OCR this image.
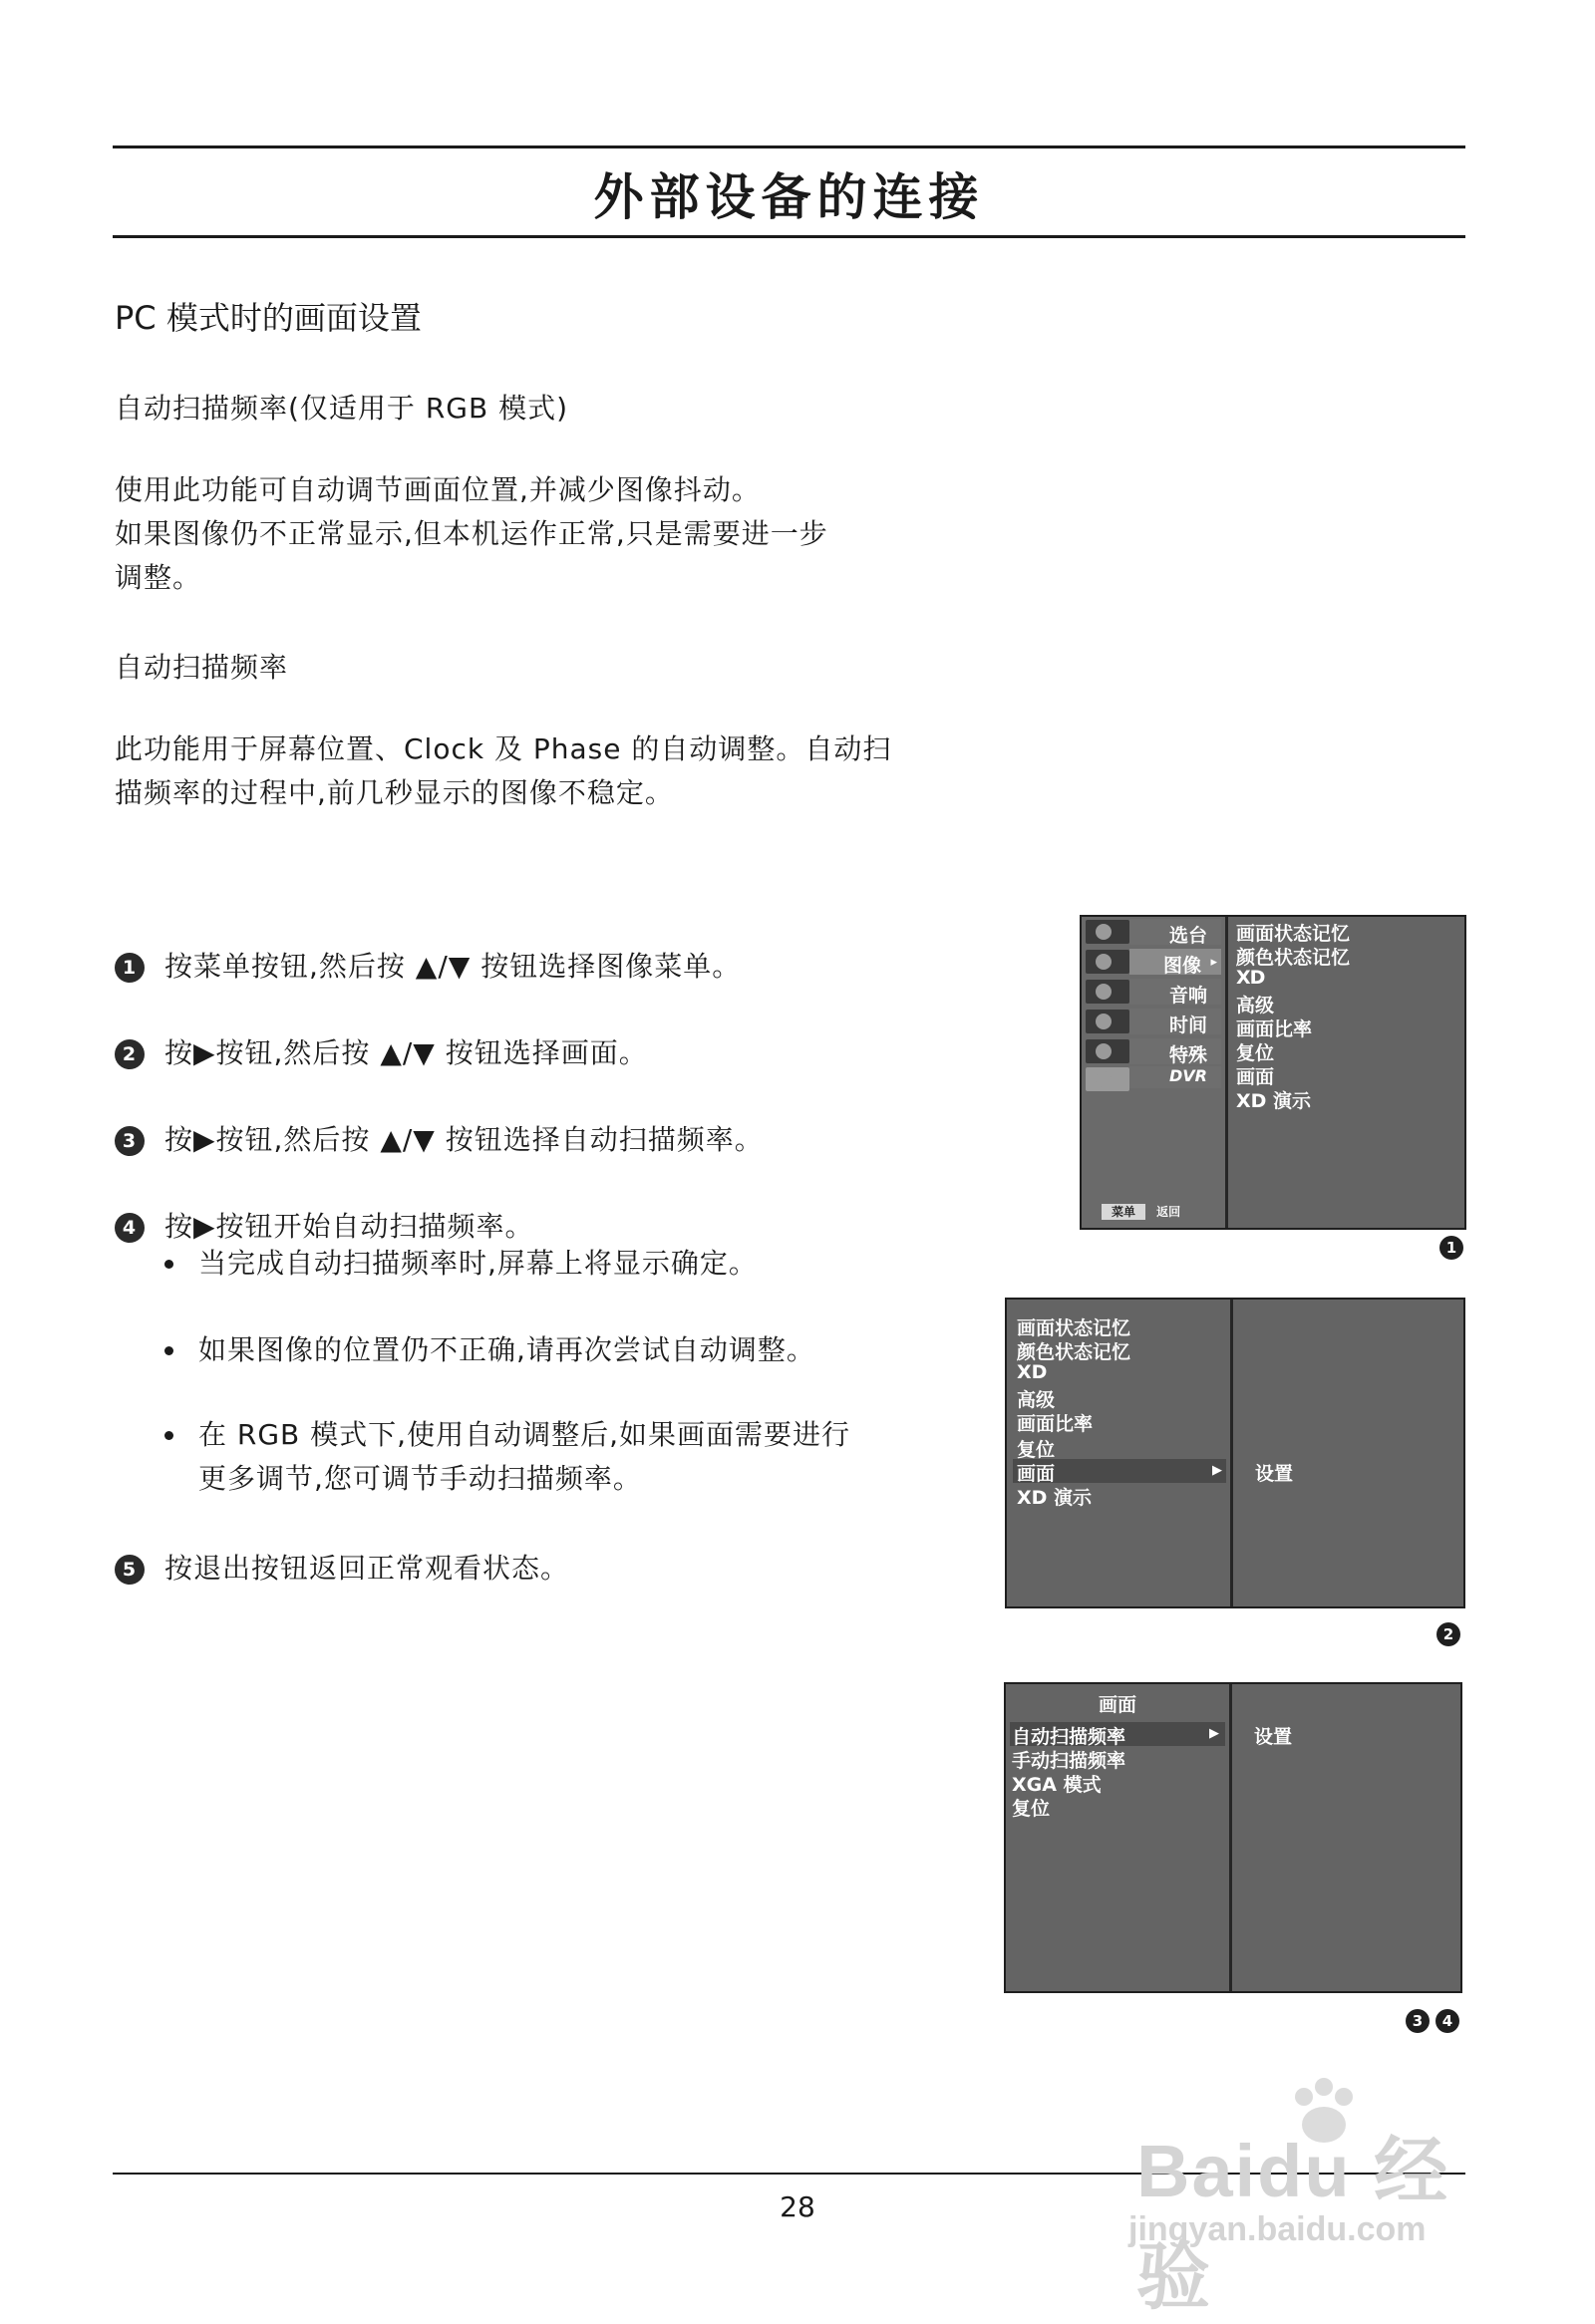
外部设备的连接
PC 模式时的画面设置
自动扫描频率(仅适用于 RGB 模式)
使用此功能可自动调节画面位置,并减少图像抖动。
如果图像仍不正常显示,但本机运作正常,只是需要进一步
调整。
自动扫描频率
此功能用于屏幕位置、Clock 及 Phase 的自动调整。自动扫
描频率的过程中,前几秒显示的图像不稳定。
1 按菜单按钮,然后按 ▲/▼ 按钮选择图像菜单。
2 按▶按钮,然后按 ▲/▼ 按钮选择画面。
3 按▶按钮,然后按 ▲/▼ 按钮选择自动扫描频率。
4 按▶按钮开始自动扫描频率。
当完成自动扫描频率时,屏幕上将显示确定。
如果图像的位置仍不正确,请再次尝试自动调整。
在 RGB 模式下,使用自动调整后,如果画面需要进行
更多调节,您可调节手动扫描频率。
5 按退出按钮返回正常观看状态。
选台
图像 ▸
音响
时间
特殊
DVR
菜单 返回
画面状态记忆
颜色状态记忆
XD
高级
画面比率
复位
画面
XD 演示
1
画面状态记忆
颜色状态记忆
XD
高级
画面比率
复位
画面	▶
XD 演示
设置
2
画面
自动扫描频率	▶
手动扫描频率
XGA 模式
复位
设置
3	4
28	Baidu 经验
jingyan.baidu.com
